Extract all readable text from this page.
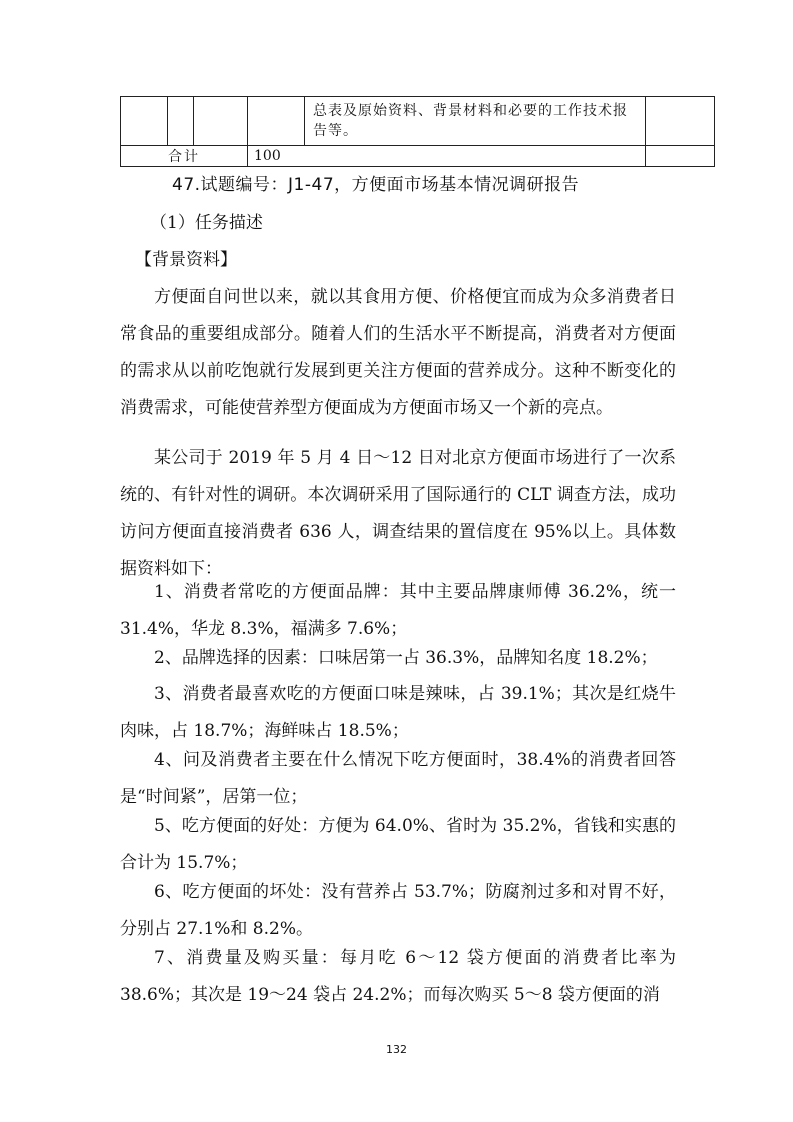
				总表及原始资料、背景材料和必要的工作技术报告等。	
合计			100		
47.试题编号：J1-47，方便面市场基本情况调研报告

（1）任务描述

【背景资料】

方便面自问世以来，就以其食用方便、价格便宜而成为众多消费者日常食品的重要组成部分。随着人们的生活水平不断提高，消费者对方便面的需求从以前吃饱就行发展到更关注方便面的营养成分。这种不断变化的消费需求，可能使营养型方便面成为方便面市场又一个新的亮点。

某公司于 2019 年 5 月 4 日～12 日对北京方便面市场进行了一次系统的、有针对性的调研。本次调研采用了国际通行的 CLT 调查方法，成功访问方便面直接消费者 636 人，调查结果的置信度在 95%以上。具体数据资料如下：

1、消费者常吃的方便面品牌：其中主要品牌康师傅 36.2%，统一 31.4%，华龙 8.3%，福满多 7.6%；

2、品牌选择的因素：口味居第一占 36.3%，品牌知名度 18.2%；

3、消费者最喜欢吃的方便面口味是辣味，占 39.1%；其次是红烧牛肉味，占 18.7%；海鲜味占 18.5%；

4、问及消费者主要在什么情况下吃方便面时，38.4%的消费者回答是“时间紧”，居第一位；

5、吃方便面的好处：方便为 64.0%、省时为 35.2%，省钱和实惠的合计为 15.7%；

6、吃方便面的坏处：没有营养占 53.7%；防腐剂过多和对胃不好，分别占 27.1%和 8.2%。

7、消费量及购买量：每月吃 6～12 袋方便面的消费者比率为 38.6%；其次是 19～24 袋占 24.2%；而每次购买 5～8 袋方便面的消

132
